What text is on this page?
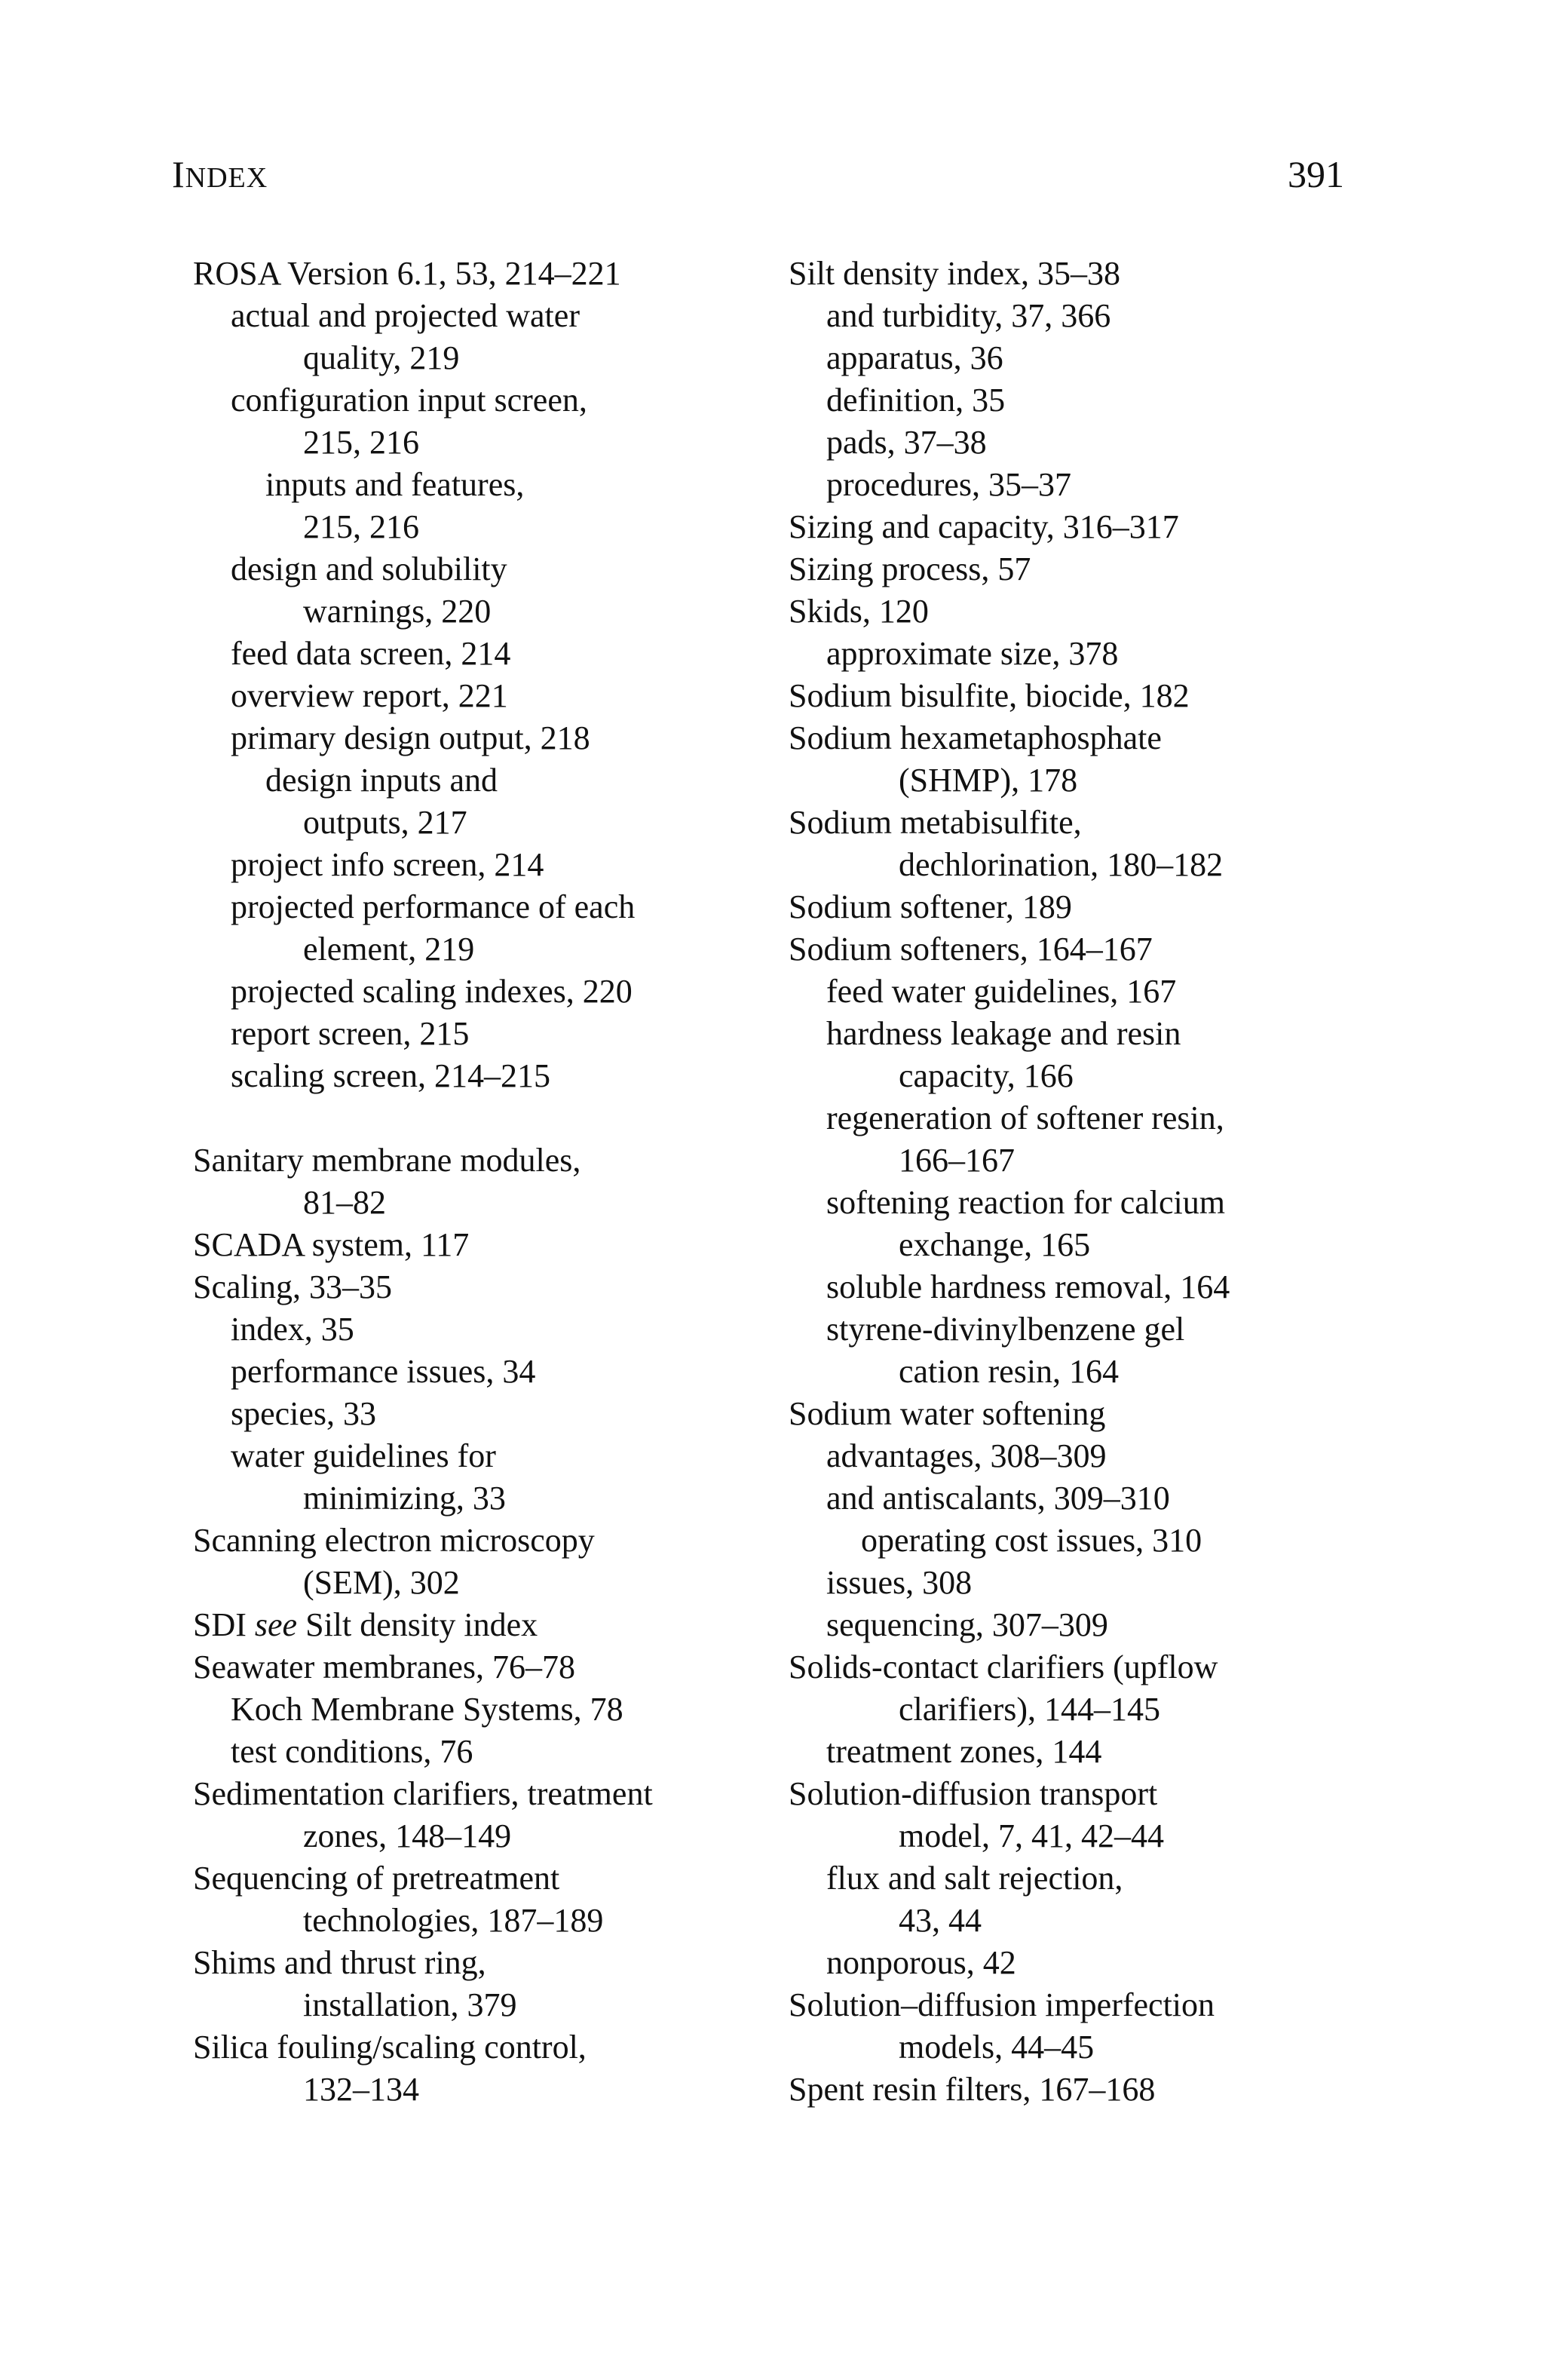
INDEX	391
ROSA Version 6.1, 53, 214–221
actual and projected water
quality, 219
configuration input screen,
215, 216
inputs and features,
215, 216
design and solubility
warnings, 220
feed data screen, 214
overview report, 221
primary design output, 218
design inputs and
outputs, 217
project info screen, 214
projected performance of each
element, 219
projected scaling indexes, 220
report screen, 215
scaling screen, 214–215
Sanitary membrane modules,
81–82
SCADA system, 117
Scaling, 33–35
index, 35
performance issues, 34
species, 33
water guidelines for
minimizing, 33
Scanning electron microscopy
(SEM), 302
SDI see Silt density index
Seawater membranes, 76–78
Koch Membrane Systems, 78
test conditions, 76
Sedimentation clarifiers, treatment
zones, 148–149
Sequencing of pretreatment
technologies, 187–189
Shims and thrust ring,
installation, 379
Silica fouling/scaling control,
132–134
Silt density index, 35–38
and turbidity, 37, 366
apparatus, 36
definition, 35
pads, 37–38
procedures, 35–37
Sizing and capacity, 316–317
Sizing process, 57
Skids, 120
approximate size, 378
Sodium bisulfite, biocide, 182
Sodium hexametaphosphate
(SHMP), 178
Sodium metabisulfite,
dechlorination, 180–182
Sodium softener, 189
Sodium softeners, 164–167
feed water guidelines, 167
hardness leakage and resin
capacity, 166
regeneration of softener resin,
166–167
softening reaction for calcium
exchange, 165
soluble hardness removal, 164
styrene-divinylbenzene gel
cation resin, 164
Sodium water softening
advantages, 308–309
and antiscalants, 309–310
operating cost issues, 310
issues, 308
sequencing, 307–309
Solids-contact clarifiers (upflow
clarifiers), 144–145
treatment zones, 144
Solution-diffusion transport
model, 7, 41, 42–44
flux and salt rejection,
43, 44
nonporous, 42
Solution–diffusion imperfection
models, 44–45
Spent resin filters, 167–168
